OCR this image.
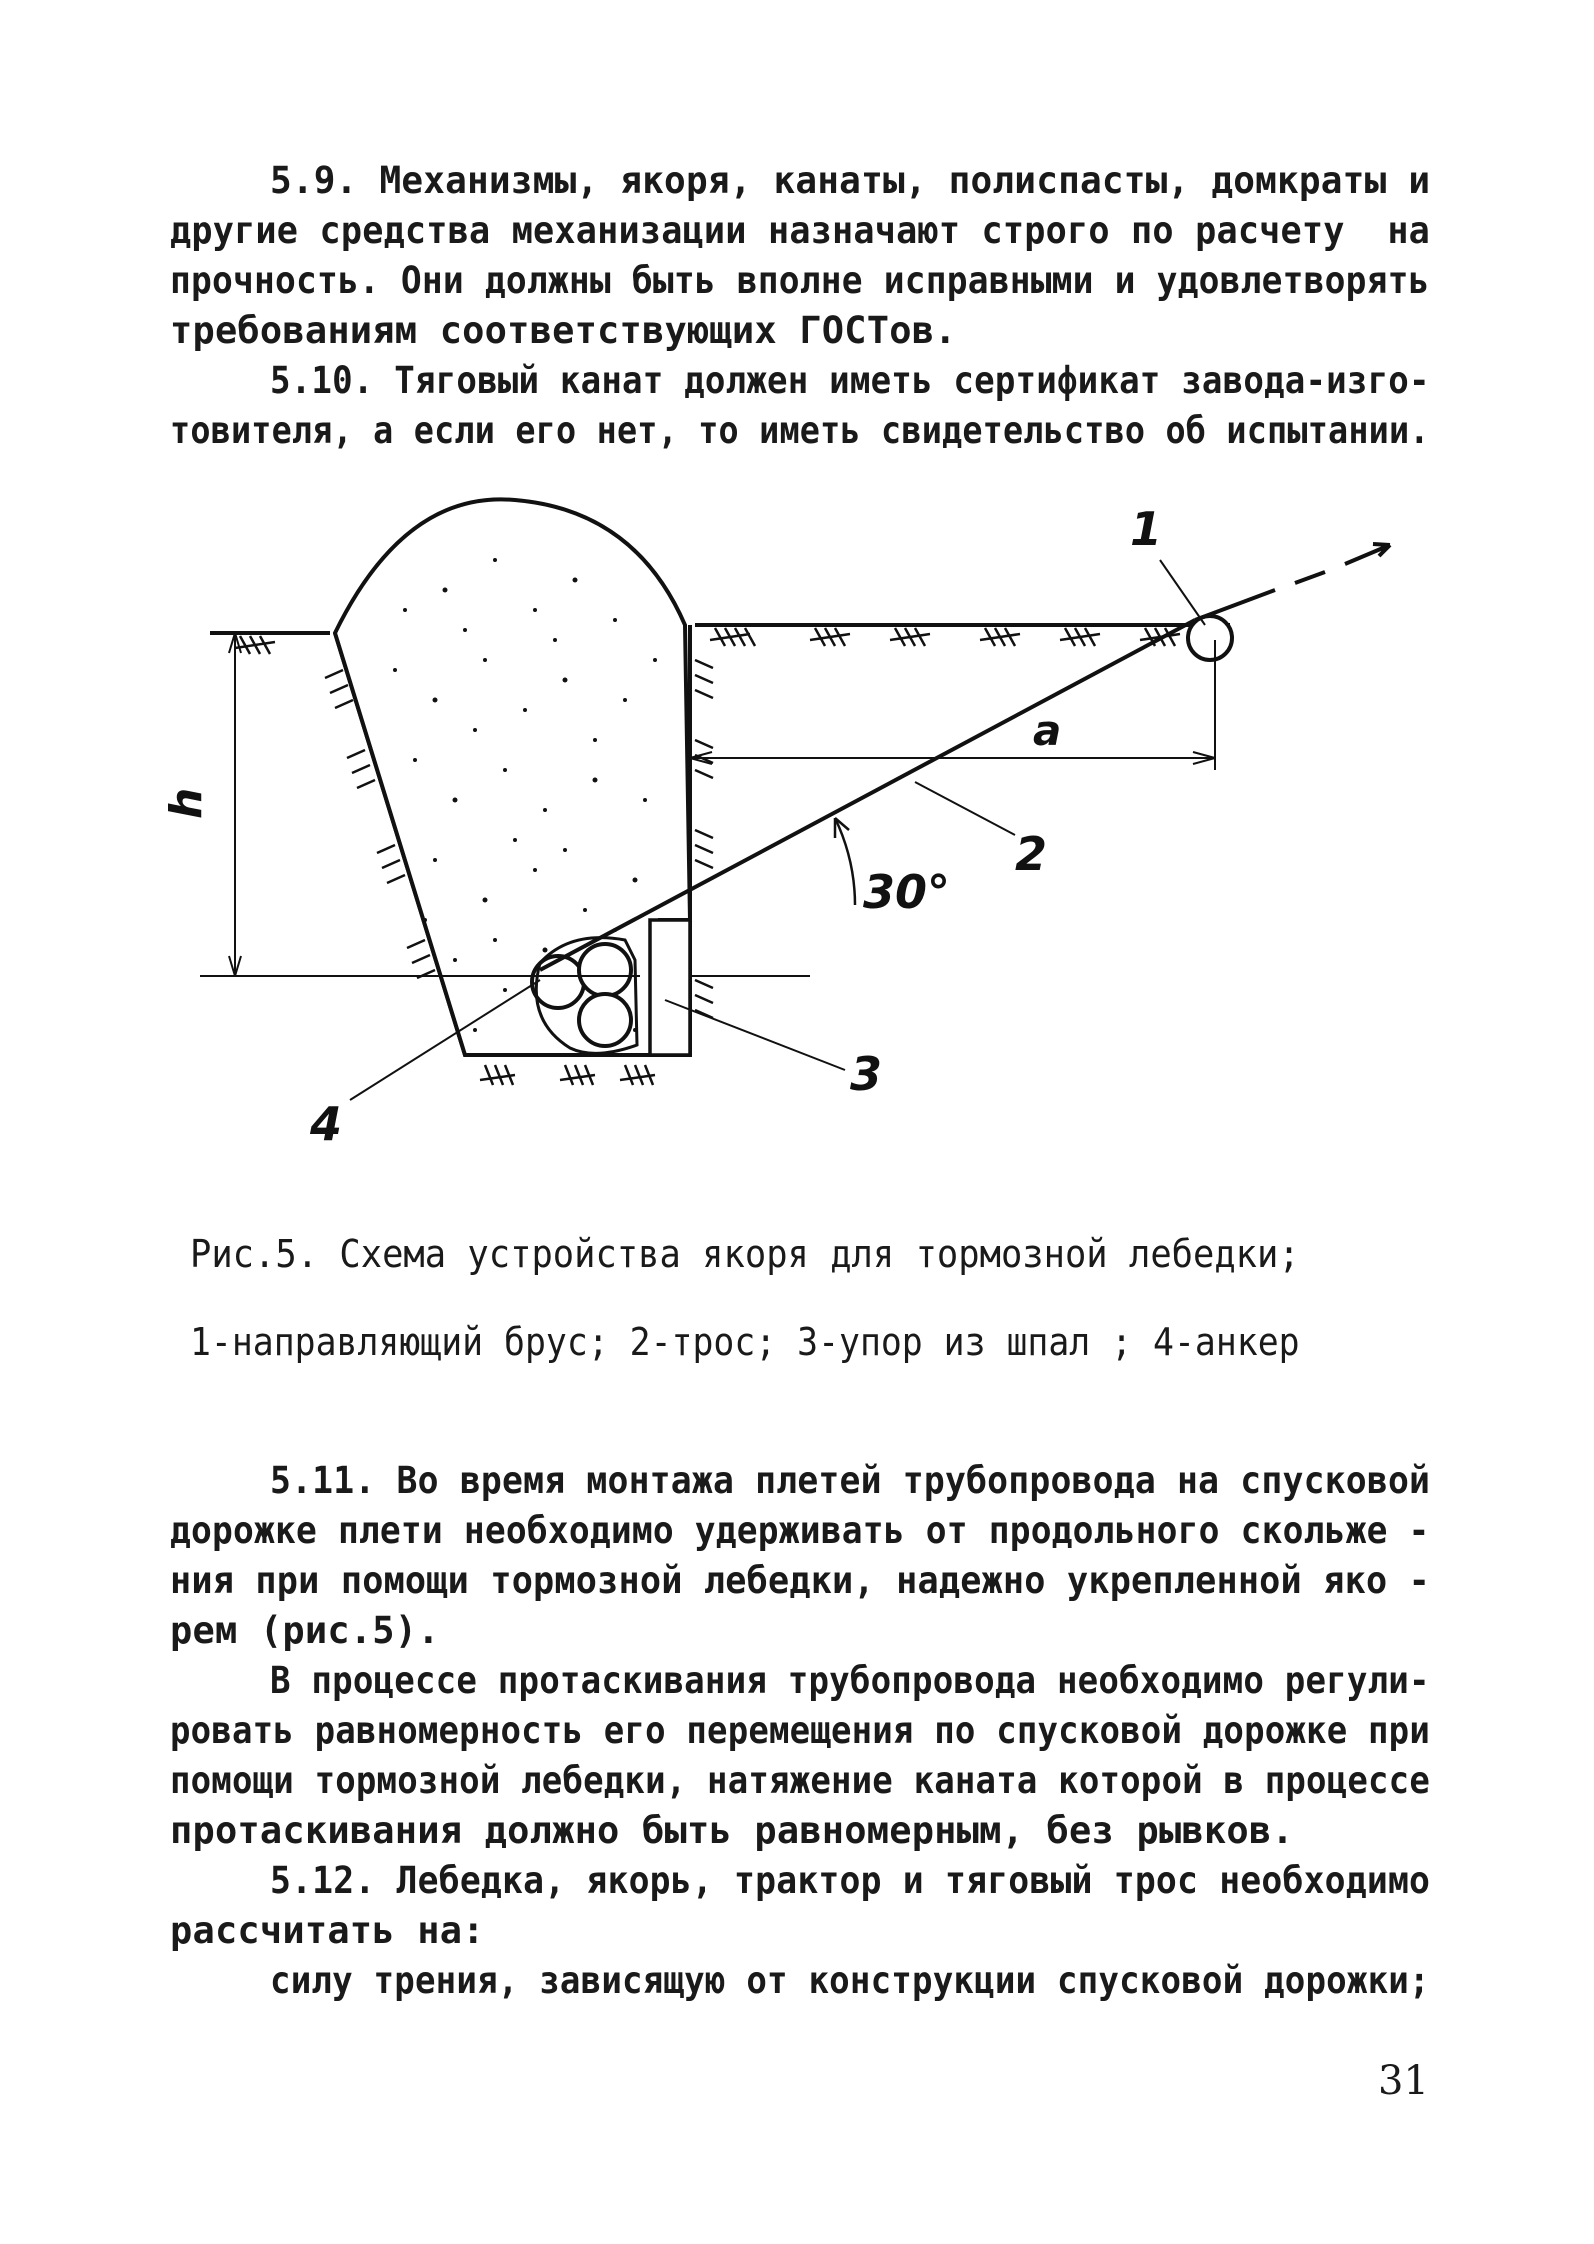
5.9. Механизмы, якоря, канаты, полиспасты, домкраты и
другие средства механизации назначают строго по расчету  на
прочность. Они должны быть вполне исправными и удовлетворять
требованиям соответствующих ГОСТов.
5.10. Тяговый канат должен иметь сертификат завода-изго-
товителя, а если его нет, то иметь свидетельство об испытании.
h
a
30°
1
2
3
4
Рис.5. Схема устройства якоря для тормозной лебедки;
1-направляющий брус; 2-трос; 3-упор из шпал ; 4-анкер
5.11. Во время монтажа плетей трубопровода на спусковой
дорожке плети необходимо удерживать от продольного скольже -
ния при помощи тормозной лебедки, надежно укрепленной яко -
рем (рис.5).
В процессе протаскивания трубопровода необходимо регули-
ровать равномерность его перемещения по спусковой дорожке при
помощи тормозной лебедки, натяжение каната которой в процессе
протаскивания должно быть равномерным, без рывков.
5.12. Лебедка, якорь, трактор и тяговый трос необходимо
рассчитать на:
силу трения, зависящую от конструкции спусковой дорожки;
31
